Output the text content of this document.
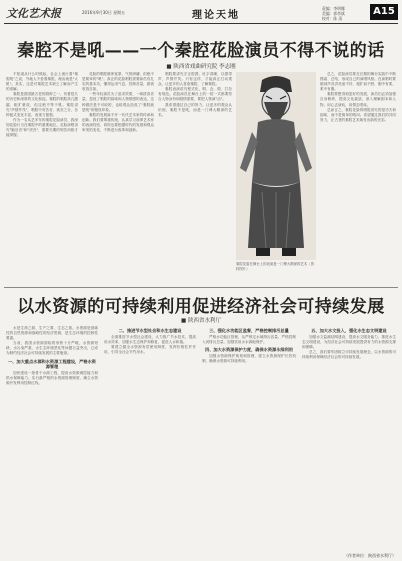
文化艺术报	2016年9月30日 星期五	理论天地
责编：李明娜
美编：郭李斌
校对：陈 清
A15
秦腔不是吼——一个秦腔花脸演员不得不说的话
■ 陕西省戏曲研究院 李志刚

不知道从什么时候起，社会上流行着"秦腔吼"之说，外地人不爱看秦腔，理由就是"太吼"。其实，这是对秦腔艺术缺乏了解而产生的误解。

秦腔是我国最古老的剧种之一，有着悠久的历史和深厚的文化积淀。秦腔的唱腔高亢激越、粗犷豪放，但这绝不等于吼。秦腔讲究"声情并茂"，唱腔中有苦音、欢音之分，各种板式变化丰富，表现力极强。

作为一名从艺多年的秦腔花脸演员，我深知花脸行当在秦腔中的重要地位。花脸演唱讲究"脑后音"和"虎音"，需要长期的刻苦训练才能掌握。

花脸的唱腔雄浑宽厚，气势磅礴，但绝不是简单的"吼"。真正的花脸唱腔需要演员有扎实的基本功，懂得运用气息，控制音量，做到收放自如。

一些年轻演员为了追求效果，一味拔高音量，忽视了唱腔的韵味和人物情感的表达，这种做法是不可取的，也给观众造成了"秦腔就是吼"的错误印象。

秦腔的发展离不开一代代艺术家的传承和创新。我们要尊重传统，认真学习前辈艺术家的表演经验，同时也要根据时代的发展和观众审美的变化，不断进行改革和创新。

唱腔要讲究字正腔圆，吐字清晰，以情带声，声情并茂。只有这样，才能真正打动观众，让更多的人喜欢秦腔、了解秦腔。

秦腔表演讲究程式化，唱、念、做、打各有规范。花脸演员在舞台上的一招一式都要符合人物身份和剧情需要，要把人物演"活"。

我希望通过自己的努力，让更多的观众认识到，秦腔不是吼，而是一门博大精深的艺术。

秦腔花脸在舞台上的表演是一门博大精深的艺术（资料图片）

总之，花脸演员要在长期的舞台实践中不断摸索、总结，形成自己的演唱风格。在演唱时要做到声音洪亮而不炸、粗犷而不野，刚中有柔，柔中有刚。

秦腔要想得到更好的发展，演员们必须加强自身修养，提高文化素质，深入理解剧本和人物，用心去演戏，用情去唱戏。

总而言之，秦腔花脸的唱腔讲究的是功夫和韵味，而不是简单的吼叫。希望通过我们的共同努力，让古老的秦腔艺术焕发出新的光彩。

以水资源的可持续利用促进经济社会可持续发展
■ 陕西省水利厅

水是生命之源、生产之要、生态之基。水资源是基础性的自然资源和战略性的经济资源，是生态环境的控制性要素。

当前，我国水资源面临的形势十分严峻，水资源短缺、水污染严重、水生态环境恶化等问题日益突出，已成为制约经济社会可持续发展的主要瓶颈。

一、加大重点水源和水资源工程建设，严格水资源管理

加快建设一批骨干水源工程，提高水资源调控能力和供水保障能力。实行最严格的水资源管理制度，确立水资源开发利用控制红线。

二、推进节水型社会和水生态建设

全面推进节水型社会建设，大力推广节水技术，提高用水效率，加强水生态保护和修复，促进人水和谐。

要建立健全水资源有偿使用制度，发挥价格杠杆作用，引导全社会节约用水。

三、强化水功能区监督，严格控制排污总量

严格水功能区管理，从严核定水域纳污容量，严格控制入河排污总量，加强饮用水水源地保护。

四、加大水资源保护力度，确保水资源永续利用

加强水资源保护规划和管理，建立水资源保护长效机制，确保水资源可持续利用。

五、加大水文投入，强化水生态文明建设

加强水文监测站网建设，提高水文服务能力，推进水生态文明建设，为经济社会可持续发展提供有力的水资源支撑和保障。

总之，我们要牢固树立可持续发展理念，以水资源的可持续利用保障经济社会的可持续发展。

（作者单位：陕西省水利厅）
